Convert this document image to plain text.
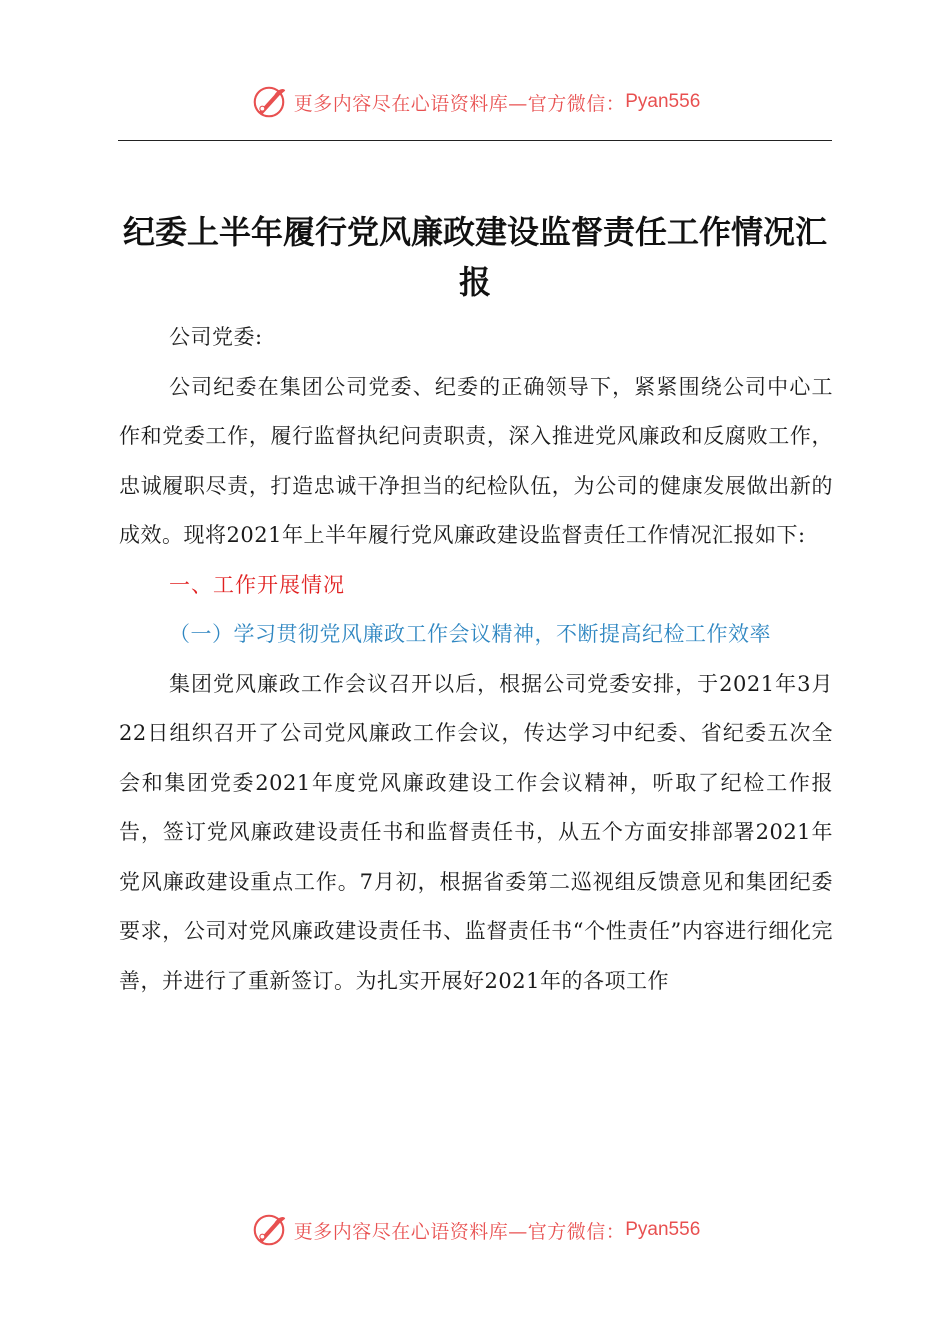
更多内容尽在心语资料库—官方微信： Pyan556
纪委上半年履行党风廉政建设监督责任工作情况汇报

公司党委:

公司纪委在集团公司党委、纪委的正确领导下，紧紧围绕公司中心工作和党委工作，履行监督执纪问责职责，深入推进党风廉政和反腐败工作，忠诚履职尽责，打造忠诚干净担当的纪检队伍，为公司的健康发展做出新的成效。现将2021年上半年履行党风廉政建设监督责任工作情况汇报如下:

一、工作开展情况

（一）学习贯彻党风廉政工作会议精神，不断提高纪检工作效率

集团党风廉政工作会议召开以后，根据公司党委安排，于2021年3月22日组织召开了公司党风廉政工作会议，传达学习中纪委、省纪委五次全会和集团党委2021年度党风廉政建设工作会议精神，听取了纪检工作报告，签订党风廉政建设责任书和监督责任书，从五个方面安排部署2021年党风廉政建设重点工作。7月初，根据省委第二巡视组反馈意见和集团纪委要求，公司对党风廉政建设责任书、监督责任书“个性责任”内容进行细化完善，并进行了重新签订。为扎实开展好2021年的各项工作

更多内容尽在心语资料库—官方微信： Pyan556
